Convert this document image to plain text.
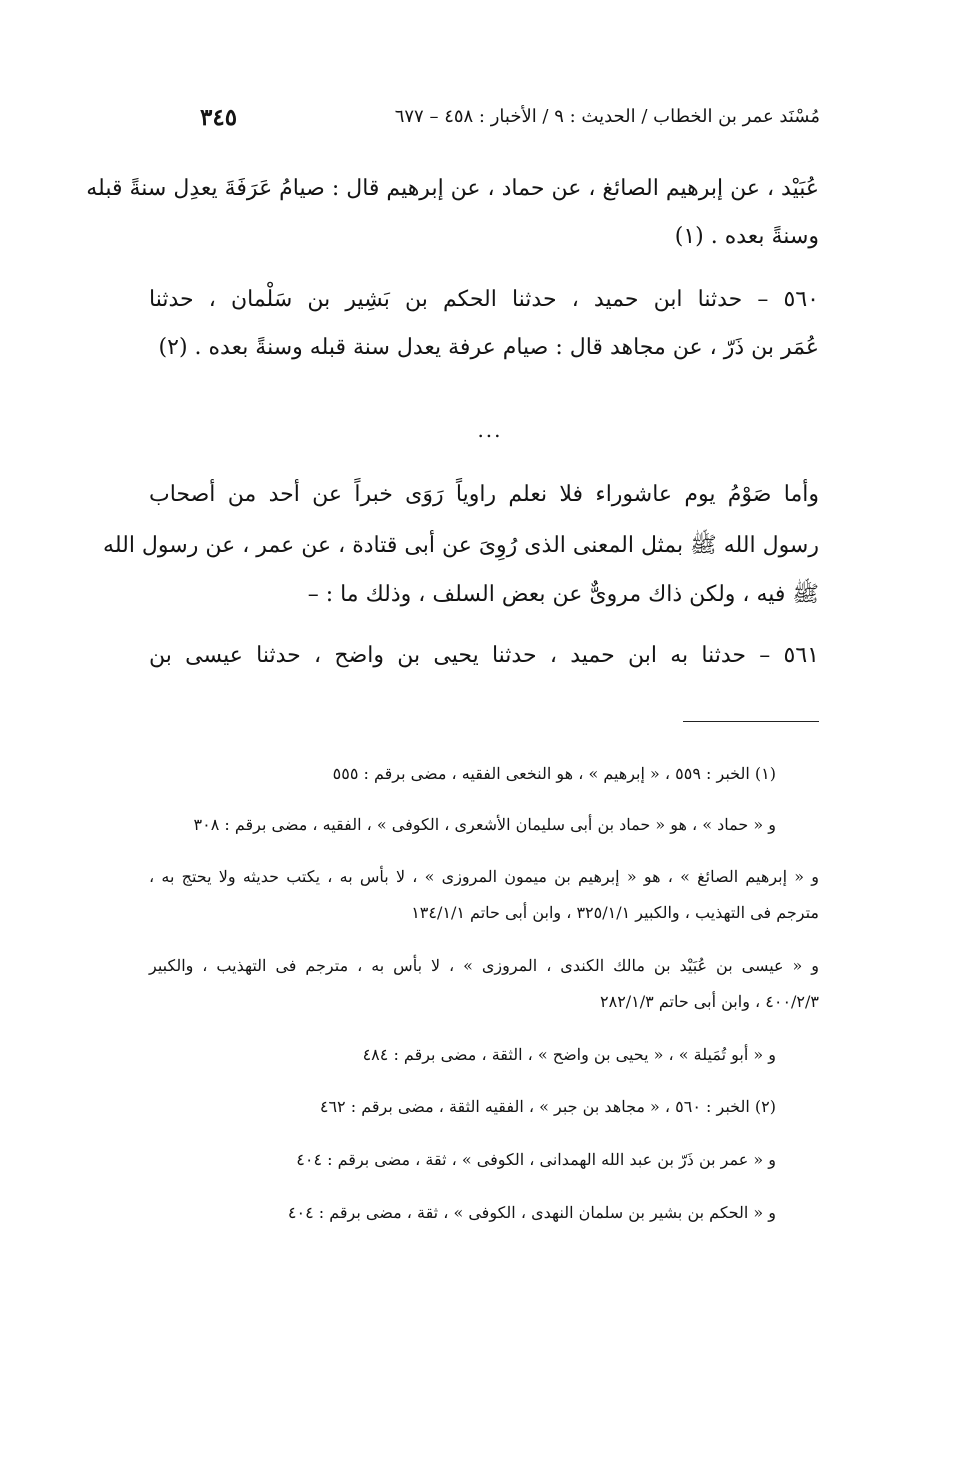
٣٤٥	مُسْنَد عمر بن الخطاب / الحديث : ٩ / الأخبار : ٤٥٨ – ٦٧٧
عُبَيْد ، عن إبرهيم الصائغ ، عن حماد ، عن إبرهيم قال : صيامُ عَرَفَةَ يعدِل سنةً قبله
وسنةً بعده . (١)
٥٦٠ – حدثنا ابن حميد ، حدثنا الحكم بن بَشِير بن سَلْمان ، حدثنا
عُمَر بن ذَرّ ، عن مجاهد قال : صيام عرفة يعدل سنة قبله وسنةً بعده . (٢)
...
وأما صَوْمُ يوم عاشوراء فلا نعلم راوياً رَوَى خبراً عن أحد من أصحاب
رسول الله ﷺ بمثل المعنى الذى رُوِىَ عن أبى قتادة ، عن عمر ، عن رسول الله
ﷺ فيه ، ولكن ذاك مروىٌّ عن بعض السلف ، وذلك ما : –
٥٦١ – حدثنا به ابن حميد ، حدثنا يحيى بن واضح ، حدثنا عيسى بن
(١) الخبر : ٥٥٩ ، « إبرهيم » ، هو النخعى الفقيه ، مضى برقم : ٥٥٥
و « حماد » ، هو « حماد بن أبى سليمان الأشعرى ، الكوفى » ، الفقيه ، مضى برقم : ٣٠٨
و « إبرهيم الصائغ » ، هو « إبرهيم بن ميمون المروزى » ، لا بأس به ، يكتب حديثه ولا يحتج به ،
مترجم فى التهذيب ، والكبير ٣٢٥/١/١ ، وابن أبى حاتم ١٣٤/١/١
و « عيسى بن عُبَيْد بن مالك الكندى ، المروزى » ، لا بأس به ، مترجم فى التهذيب ، والكبير
٤٠٠/٢/٣ ، وابن أبى حاتم ٢٨٢/١/٣
و « أبو تُمَيلة » ، « يحيى بن واضح » ، الثقة ، مضى برقم : ٤٨٤
(٢) الخبر : ٥٦٠ ، « مجاهد بن جبر » ، الفقيه الثقة ، مضى برقم : ٤٦٢
و « عمر بن ذَرّ بن عبد الله الهمدانى ، الكوفى » ، ثقة ، مضى برقم : ٤٠٤
و « الحكم بن بشير بن سلمان النهدى ، الكوفى » ، ثقة ، مضى برقم : ٤٠٤
